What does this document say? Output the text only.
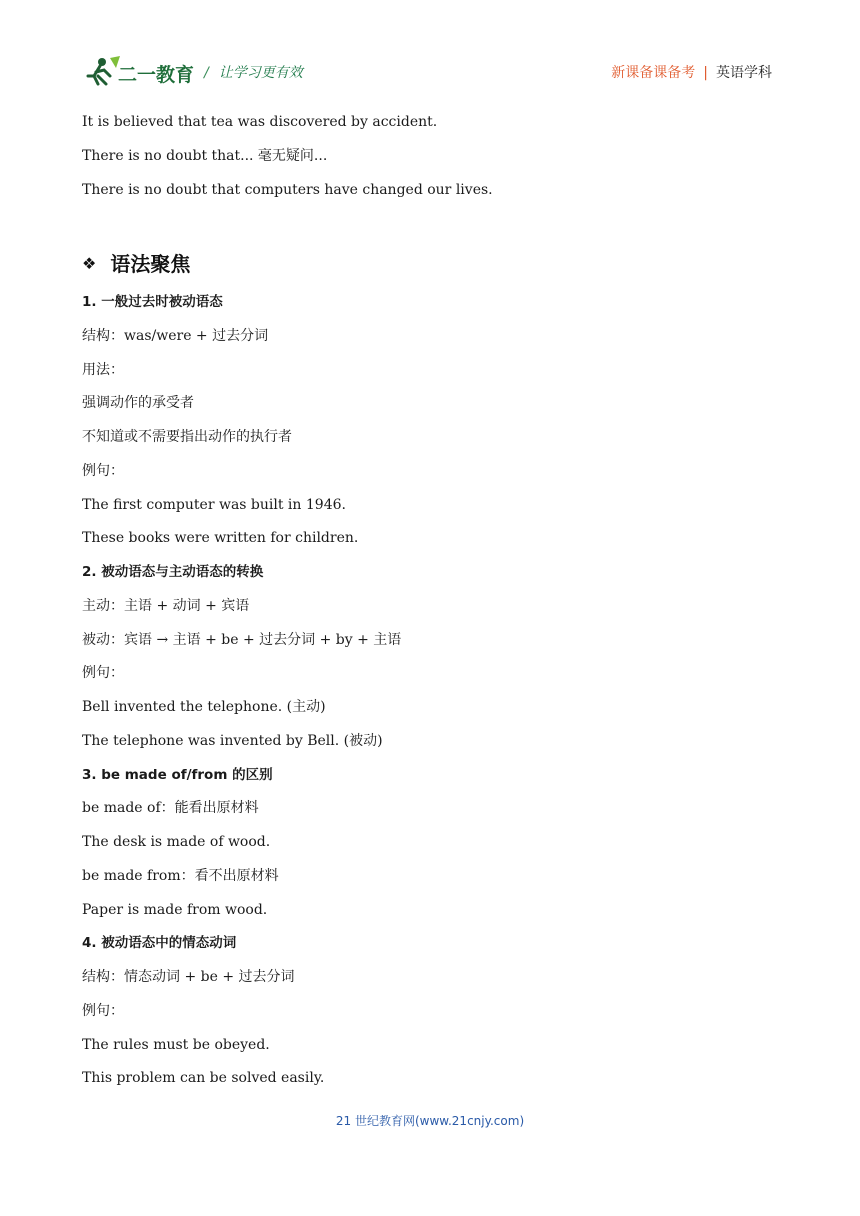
二一教育 / 让学习更有效	新课备课备考 | 英语学科
It is believed that tea was discovered by accident.
There is no doubt that... 毫无疑问...
There is no doubt that computers have changed our lives.
❖ 语法聚焦
1. 一般过去时被动语态
结构：was/were + 过去分词
用法：
强调动作的承受者
不知道或不需要指出动作的执行者
例句：
The first computer was built in 1946.
These books were written for children.
2. 被动语态与主动语态的转换
主动：主语 + 动词 + 宾语
被动：宾语 → 主语 + be + 过去分词 + by + 主语
例句：
Bell invented the telephone. (主动)
The telephone was invented by Bell. (被动)
3. be made of/from 的区别
be made of：能看出原材料
The desk is made of wood.
be made from：看不出原材料
Paper is made from wood.
4. 被动语态中的情态动词
结构：情态动词 + be + 过去分词
例句：
The rules must be obeyed.
This problem can be solved easily.
21 世纪教育网(www.21cnjy.com)
